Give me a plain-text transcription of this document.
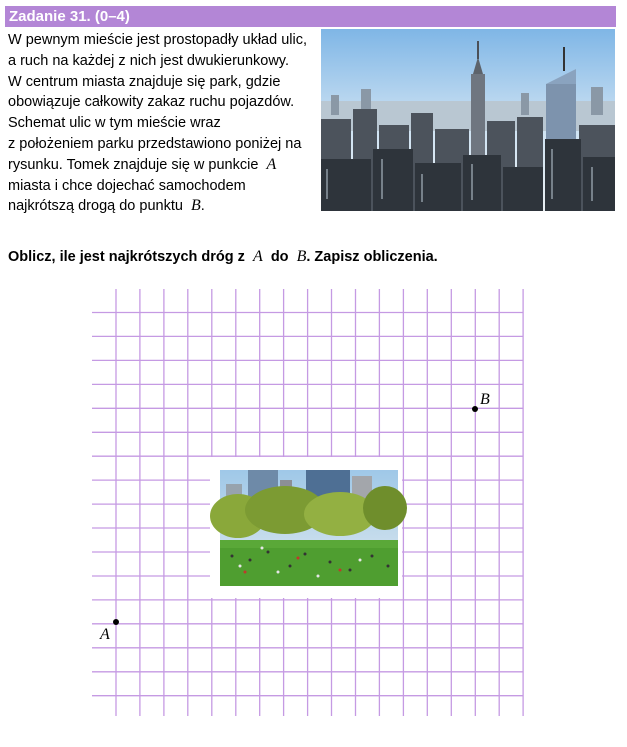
Zadanie 31. (0–4)
W pewnym mieście jest prostopadły układ ulic,
a ruch na każdej z nich jest dwukierunkowy.
W centrum miasta znajduje się park, gdzie
obowiązuje całkowity zakaz ruchu pojazdów.
Schemat ulic w tym mieście wraz
z położeniem parku przedstawiono poniżej na
rysunku. Tomek znajduje się w punkcie A
miasta i chce dojechać samochodem
najkrótszą drogą do punktu B.
Oblicz, ile jest najkrótszych dróg z A do B. Zapisz obliczenia.
A
B
